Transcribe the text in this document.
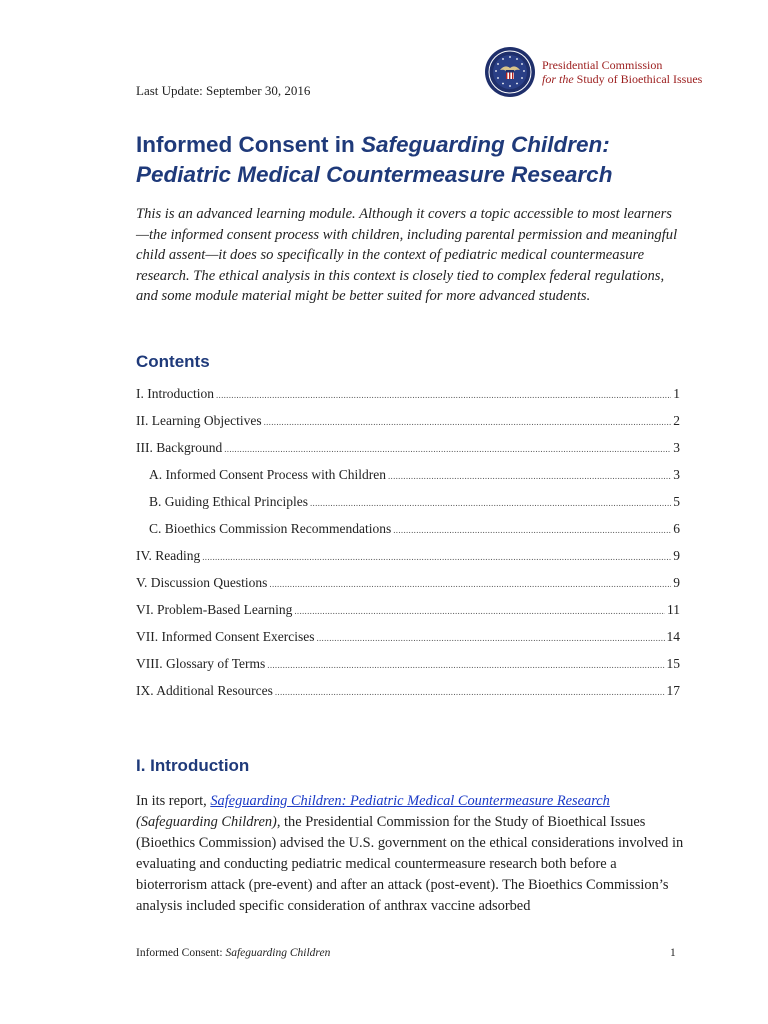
Last Update: September 30, 2016
Presidential Commission
for the Study of Bioethical Issues
Informed Consent in Safeguarding Children:
Pediatric Medical Countermeasure Research

This is an advanced learning module. Although it covers a topic accessible to most learners—the informed consent process with children, including parental permission and meaningful child assent—it does so specifically in the context of pediatric medical countermeasure research. The ethical analysis in this context is closely tied to complex federal regulations, and some module material might be better suited for more advanced students.

Contents
I. Introduction .....	1
II. Learning Objectives .....	2
III. Background .....	3
A. Informed Consent Process with Children .....	3
B. Guiding Ethical Principles .....	5
C. Bioethics Commission Recommendations .....	6
IV. Reading .....	9
V. Discussion Questions .....	9
VI. Problem-Based Learning .....	11
VII. Informed Consent Exercises .....	14
VIII. Glossary of Terms .....	15
IX. Additional Resources .....	17
I. Introduction

In its report, Safeguarding Children: Pediatric Medical Countermeasure Research
(Safeguarding Children), the Presidential Commission for the Study of Bioethical Issues (Bioethics Commission) advised the U.S. government on the ethical considerations involved in evaluating and conducting pediatric medical countermeasure research both before a bioterrorism attack (pre-event) and after an attack (post-event). The Bioethics Commission’s analysis included specific consideration of anthrax vaccine adsorbed

Informed Consent: Safeguarding Children	1
